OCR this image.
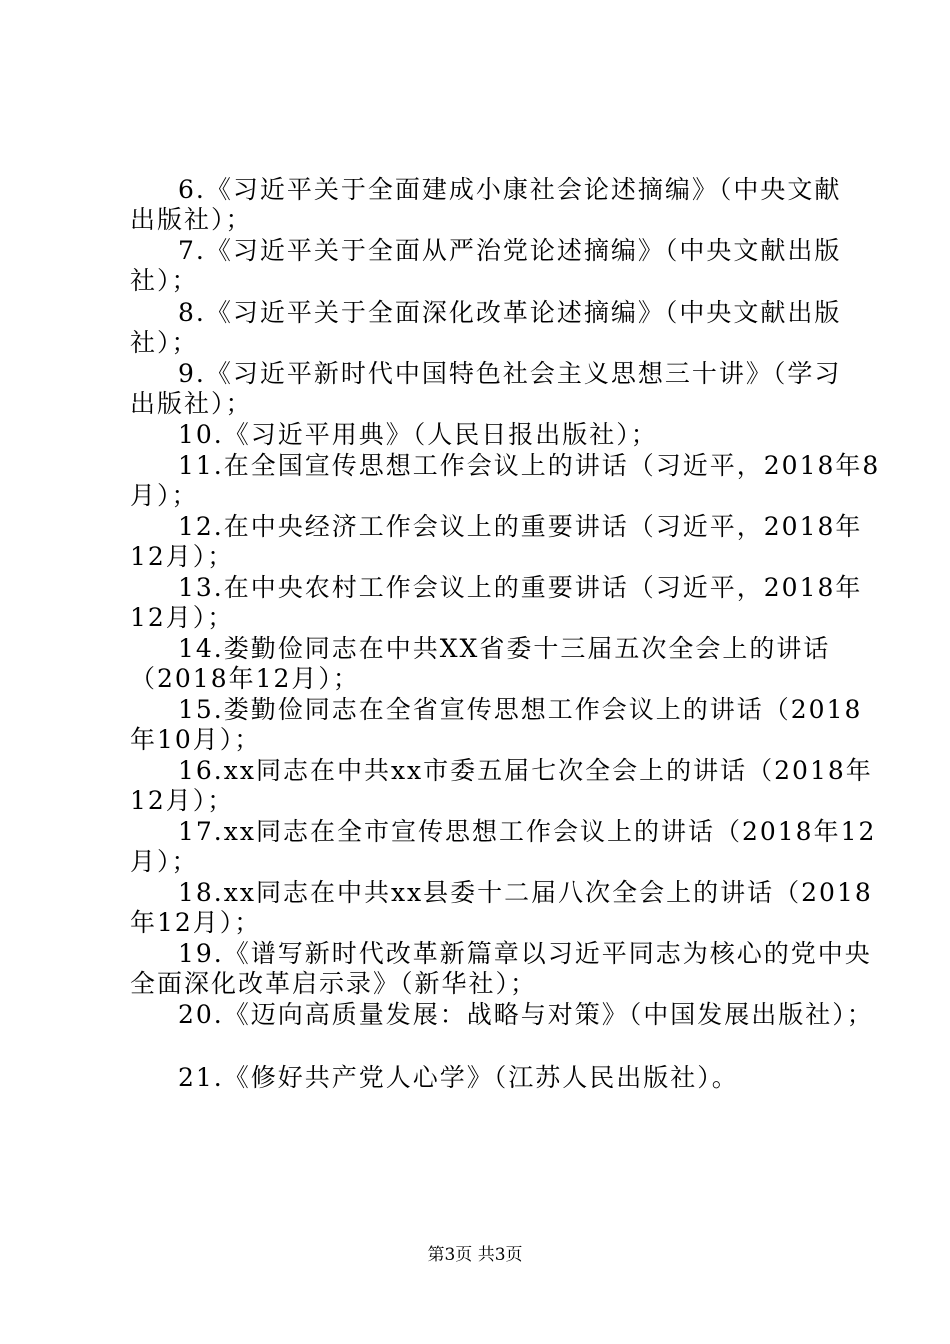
6.《习近平关于全面建成小康社会论述摘编》（中央文献
出版社）；
7.《习近平关于全面从严治党论述摘编》（中央文献出版
社）；
8.《习近平关于全面深化改革论述摘编》（中央文献出版
社）；
9.《习近平新时代中国特色社会主义思想三十讲》（学习
出版社）；
10.《习近平用典》（人民日报出版社）；
11.在全国宣传思想工作会议上的讲话（习近平，2018年8
月）；
12.在中央经济工作会议上的重要讲话（习近平，2018年
12月）；
13.在中央农村工作会议上的重要讲话（习近平，2018年
12月）；
14.娄勤俭同志在中共XX省委十三届五次全会上的讲话
（2018年12月）；
15.娄勤俭同志在全省宣传思想工作会议上的讲话（2018
年10月）；
16.xx同志在中共xx市委五届七次全会上的讲话（2018年
12月）；
17.xx同志在全市宣传思想工作会议上的讲话（2018年12
月）；
18.xx同志在中共xx县委十二届八次全会上的讲话（2018
年12月）；
19.《谱写新时代改革新篇章以习近平同志为核心的党中央
全面深化改革启示录》（新华社）；
20.《迈向高质量发展：战略与对策》（中国发展出版社）；
21.《修好共产党人心学》（江苏人民出版社）。
第3页 共3页
